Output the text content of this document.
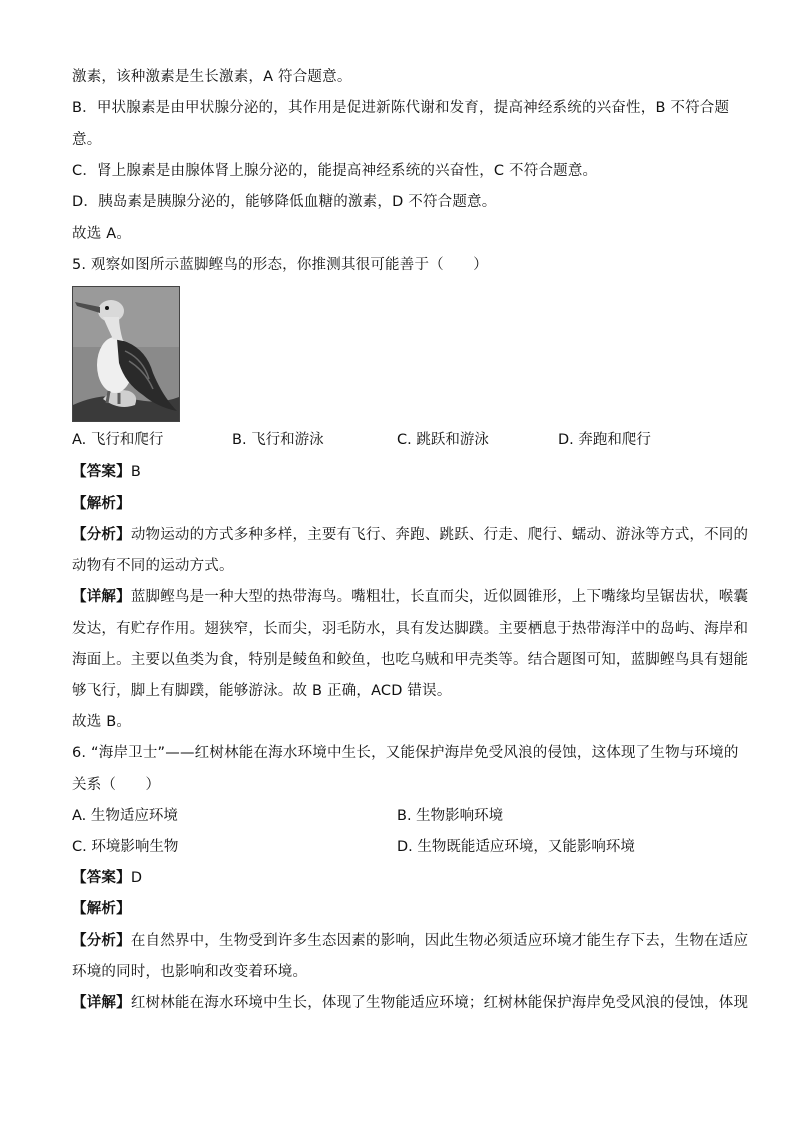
激素，该种激素是生长激素，A 符合题意。
B．甲状腺素是由甲状腺分泌的，其作用是促进新陈代谢和发育，提高神经系统的兴奋性，B 不符合题
意。
C．肾上腺素是由腺体肾上腺分泌的，能提高神经系统的兴奋性，C 不符合题意。
D．胰岛素是胰腺分泌的，能够降低血糖的激素，D 不符合题意。
故选 A。
5. 观察如图所示蓝脚鲣鸟的形态，你推测其很可能善于（　　）
A. 飞行和爬行	B. 飞行和游泳	C. 跳跃和游泳	D. 奔跑和爬行
【答案】B
【解析】
【分析】动物运动的方式多种多样，主要有飞行、奔跑、跳跃、行走、爬行、蠕动、游泳等方式，不同的
动物有不同的运动方式。
【详解】蓝脚鲣鸟是一种大型的热带海鸟。嘴粗壮，长直而尖，近似圆锥形，上下嘴缘均呈锯齿状，喉囊
发达，有贮存作用。翅狭窄，长而尖，羽毛防水，具有发达脚蹼。主要栖息于热带海洋中的岛屿、海岸和
海面上。主要以鱼类为食，特别是鲮鱼和鲛鱼，也吃乌贼和甲壳类等。结合题图可知，蓝脚鲣鸟具有翅能
够飞行，脚上有脚蹼，能够游泳。故 B 正确，ACD 错误。
故选 B。
6. “海岸卫士”——红树林能在海水环境中生长，又能保护海岸免受风浪的侵蚀，这体现了生物与环境的
关系（　　）
A. 生物适应环境	B. 生物影响环境
C. 环境影响生物	D. 生物既能适应环境，又能影响环境
【答案】D
【解析】
【分析】在自然界中，生物受到许多生态因素的影响，因此生物必须适应环境才能生存下去，生物在适应
环境的同时，也影响和改变着环境。
【详解】红树林能在海水环境中生长，体现了生物能适应环境；红树林能保护海岸免受风浪的侵蚀，体现
